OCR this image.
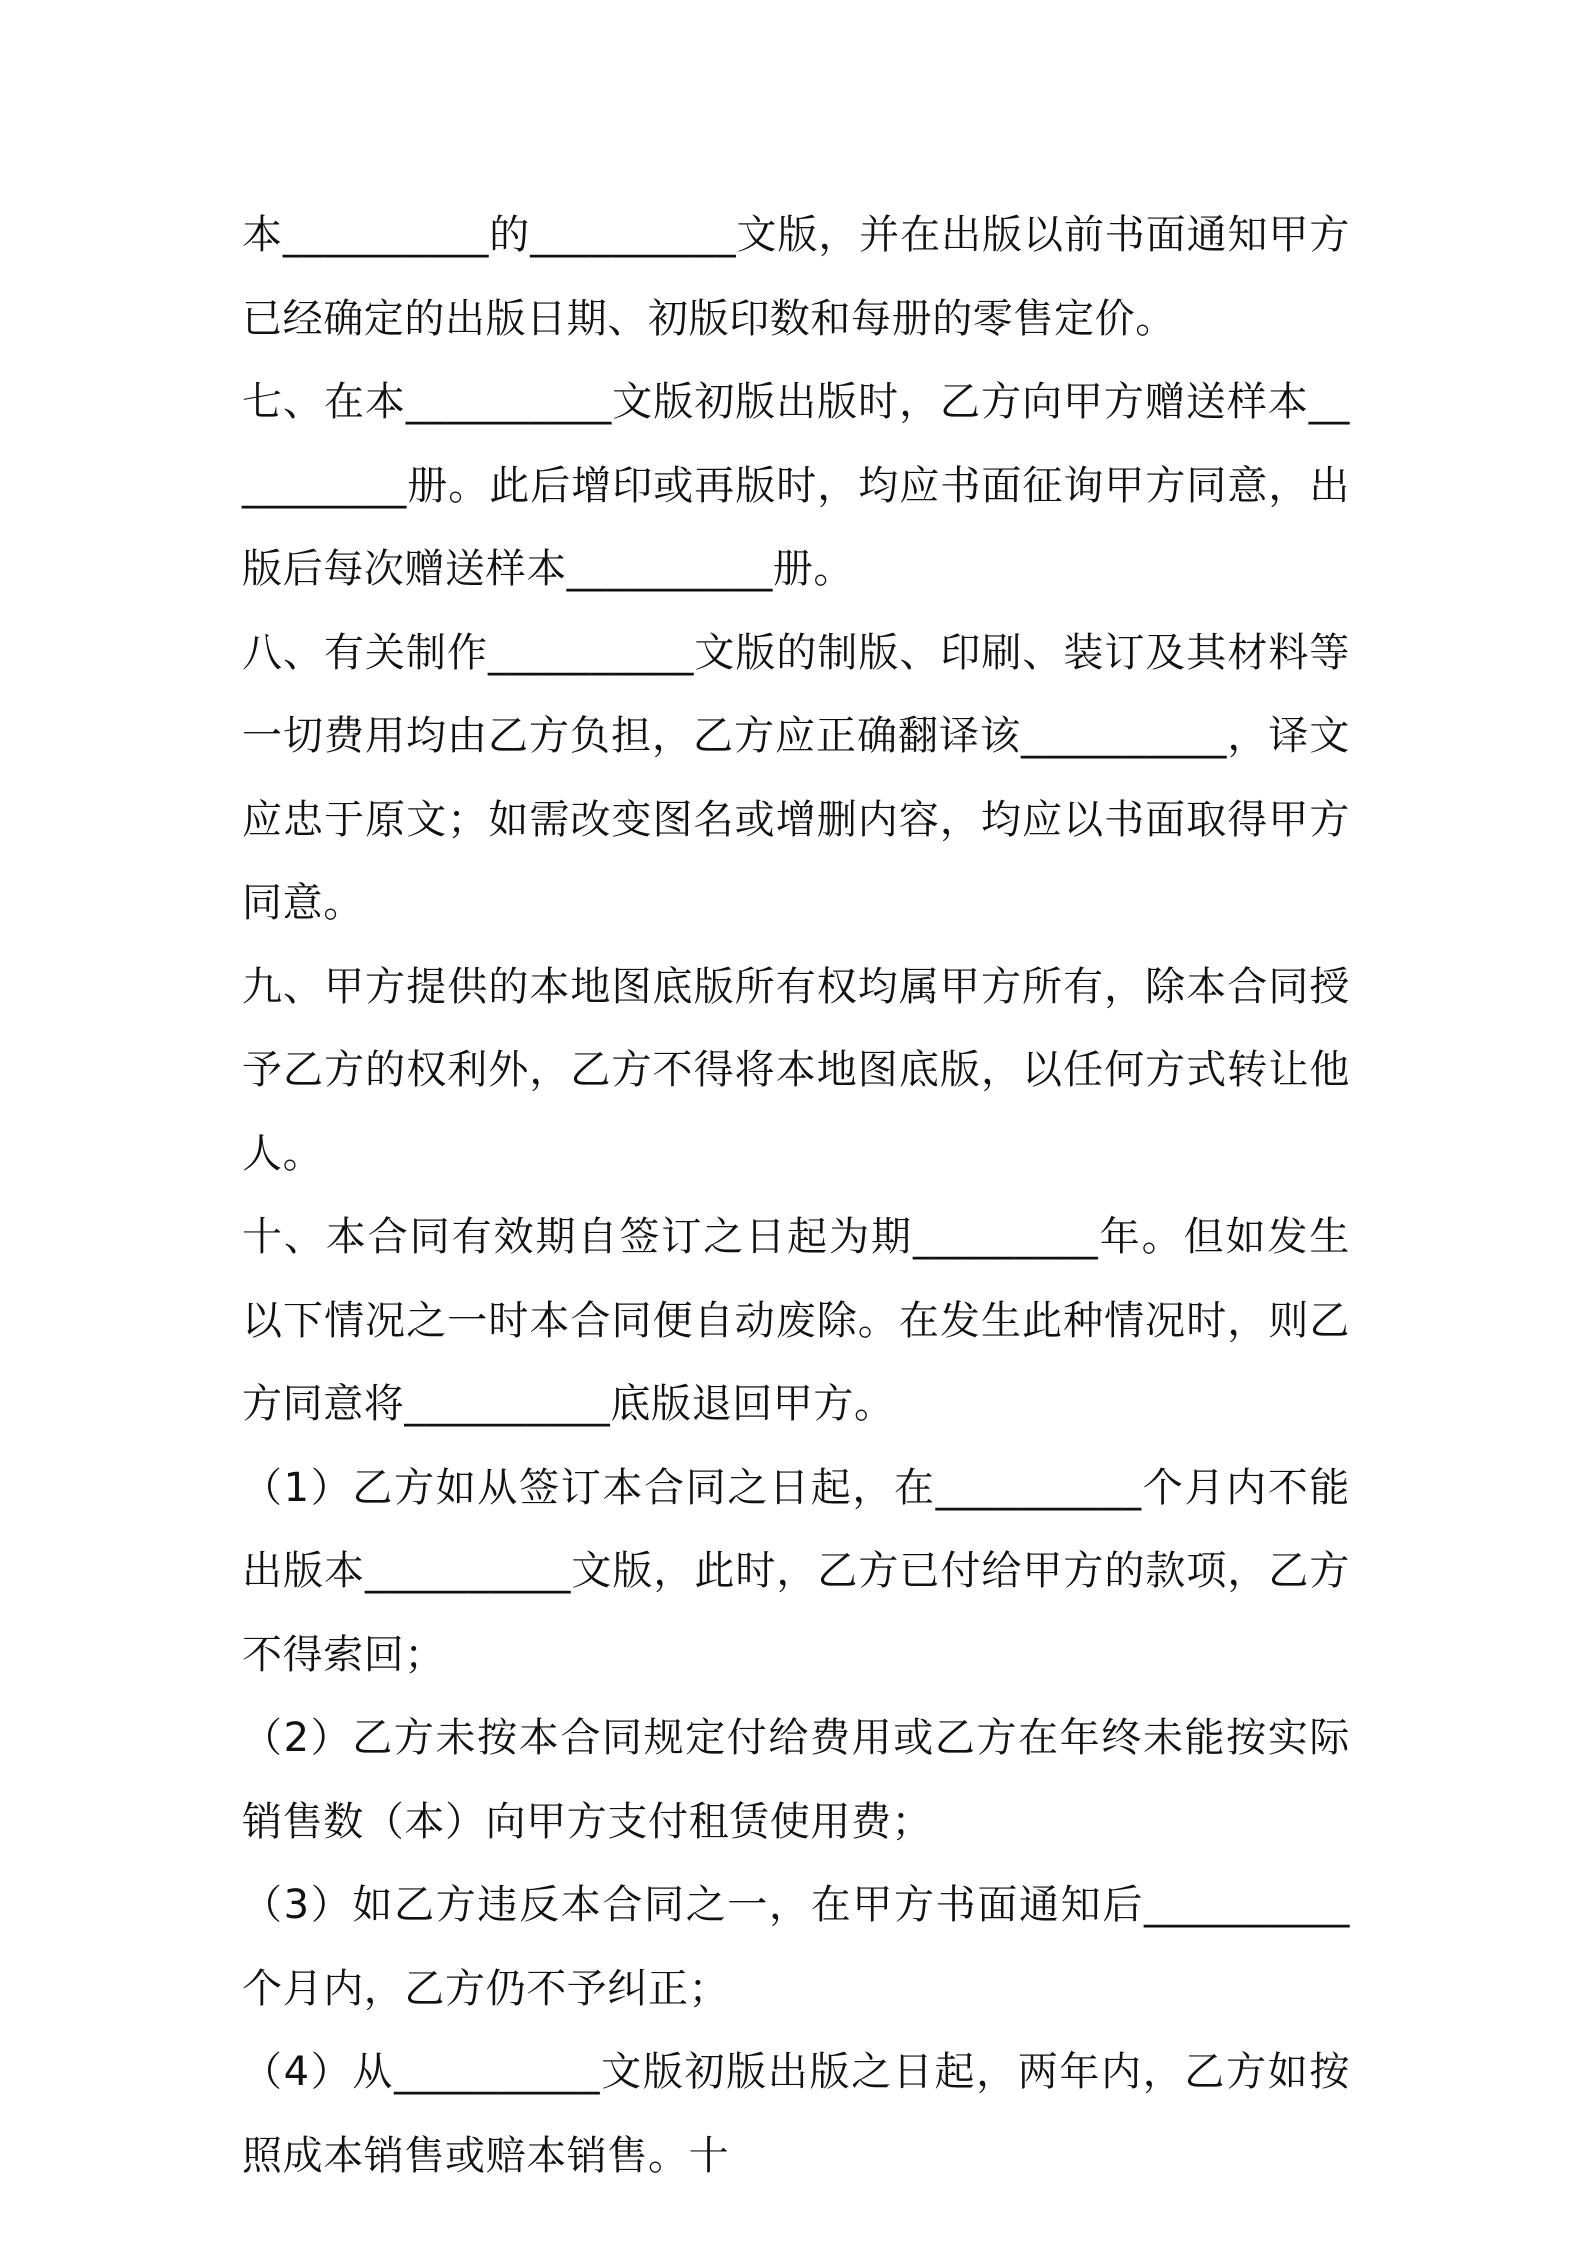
本__________的__________文版，并在出版以前书面通知甲方已经确定的出版日期、初版印数和每册的零售定价。

七、在本__________文版初版出版时，乙方向甲方赠送样本__________册。此后增印或再版时，均应书面征询甲方同意，出版后每次赠送样本__________册。

八、有关制作__________文版的制版、印刷、装订及其材料等一切费用均由乙方负担，乙方应正确翻译该__________，译文应忠于原文；如需改变图名或增删内容，均应以书面取得甲方同意。

九、甲方提供的本地图底版所有权均属甲方所有，除本合同授予乙方的权利外，乙方不得将本地图底版，以任何方式转让他人。

十、本合同有效期自签订之日起为期_________年。但如发生以下情况之一时本合同便自动废除。在发生此种情况时，则乙方同意将__________底版退回甲方。

（1）乙方如从签订本合同之日起，在__________个月内不能出版本__________文版，此时，乙方已付给甲方的款项，乙方不得索回；

（2）乙方未按本合同规定付给费用或乙方在年终未能按实际销售数（本）向甲方支付租赁使用费；

（3）如乙方违反本合同之一，在甲方书面通知后__________个月内，乙方仍不予纠正；

（4）从__________文版初版出版之日起，两年内，乙方如按照成本销售或赔本销售。十
